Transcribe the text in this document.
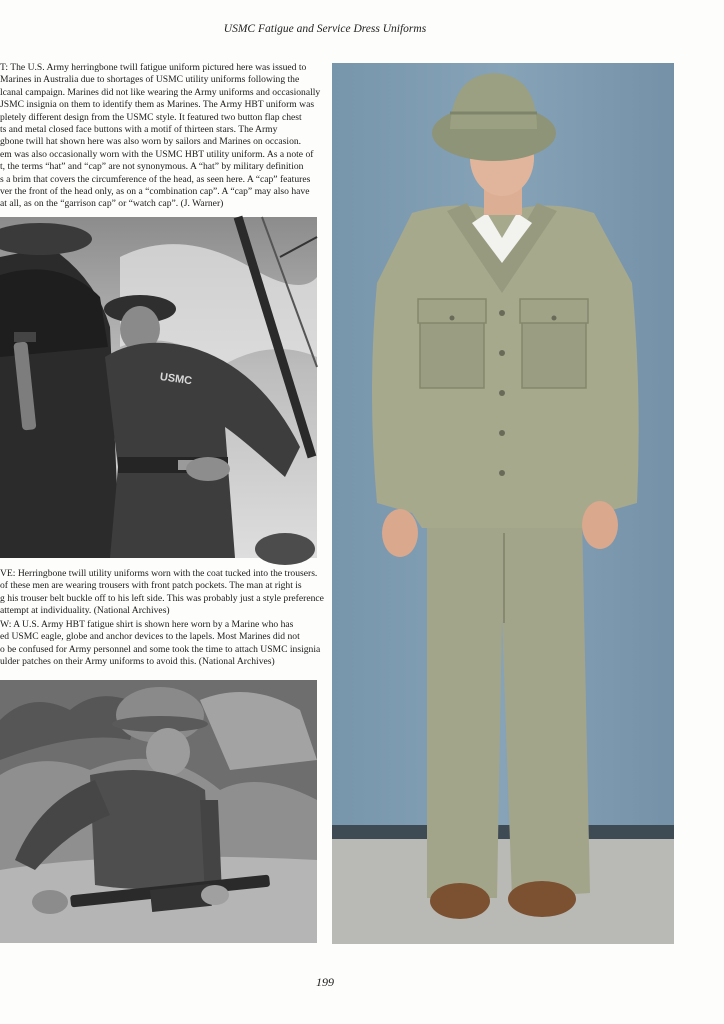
USMC Fatigue and Service Dress Uniforms

T: The U.S. Army herringbone twill fatigue uniform pictured here was issued to

Marines in Australia due to shortages of USMC utility uniforms following the

lcanal campaign. Marines did not like wearing the Army uniforms and occasionally

JSMC insignia on them to identify them as Marines. The Army HBT uniform was

pletely different design from the USMC style. It featured two button flap chest

ts and metal closed face buttons with a motif of thirteen stars. The Army

gbone twill hat shown here was also worn by sailors and Marines on occasion.

em was also occasionally worn with the USMC HBT utility uniform. As a note of

t, the terms “hat” and “cap” are not synonymous. A “hat” by military definition

s a brim that covers the circumference of the head, as seen here. A “cap” features

ver the front of the head only, as on a “combination cap”. A “cap” may also have

at all, as on the “garrison cap” or “watch cap”. (J. Warner)

USMC

VE: Herringbone twill utility uniforms worn with the coat tucked into the trousers.

of these men are wearing trousers with front patch pockets. The man at right is

g his trouser belt buckle off to his left side. This was probably just a style preference

attempt at individuality. (National Archives)

W: A U.S. Army HBT fatigue shirt is shown here worn by a Marine who has

ed USMC eagle, globe and anchor devices to the lapels. Most Marines did not

o be confused for Army personnel and some took the time to attach USMC insignia

ulder patches on their Army uniforms to avoid this. (National Archives)

199
